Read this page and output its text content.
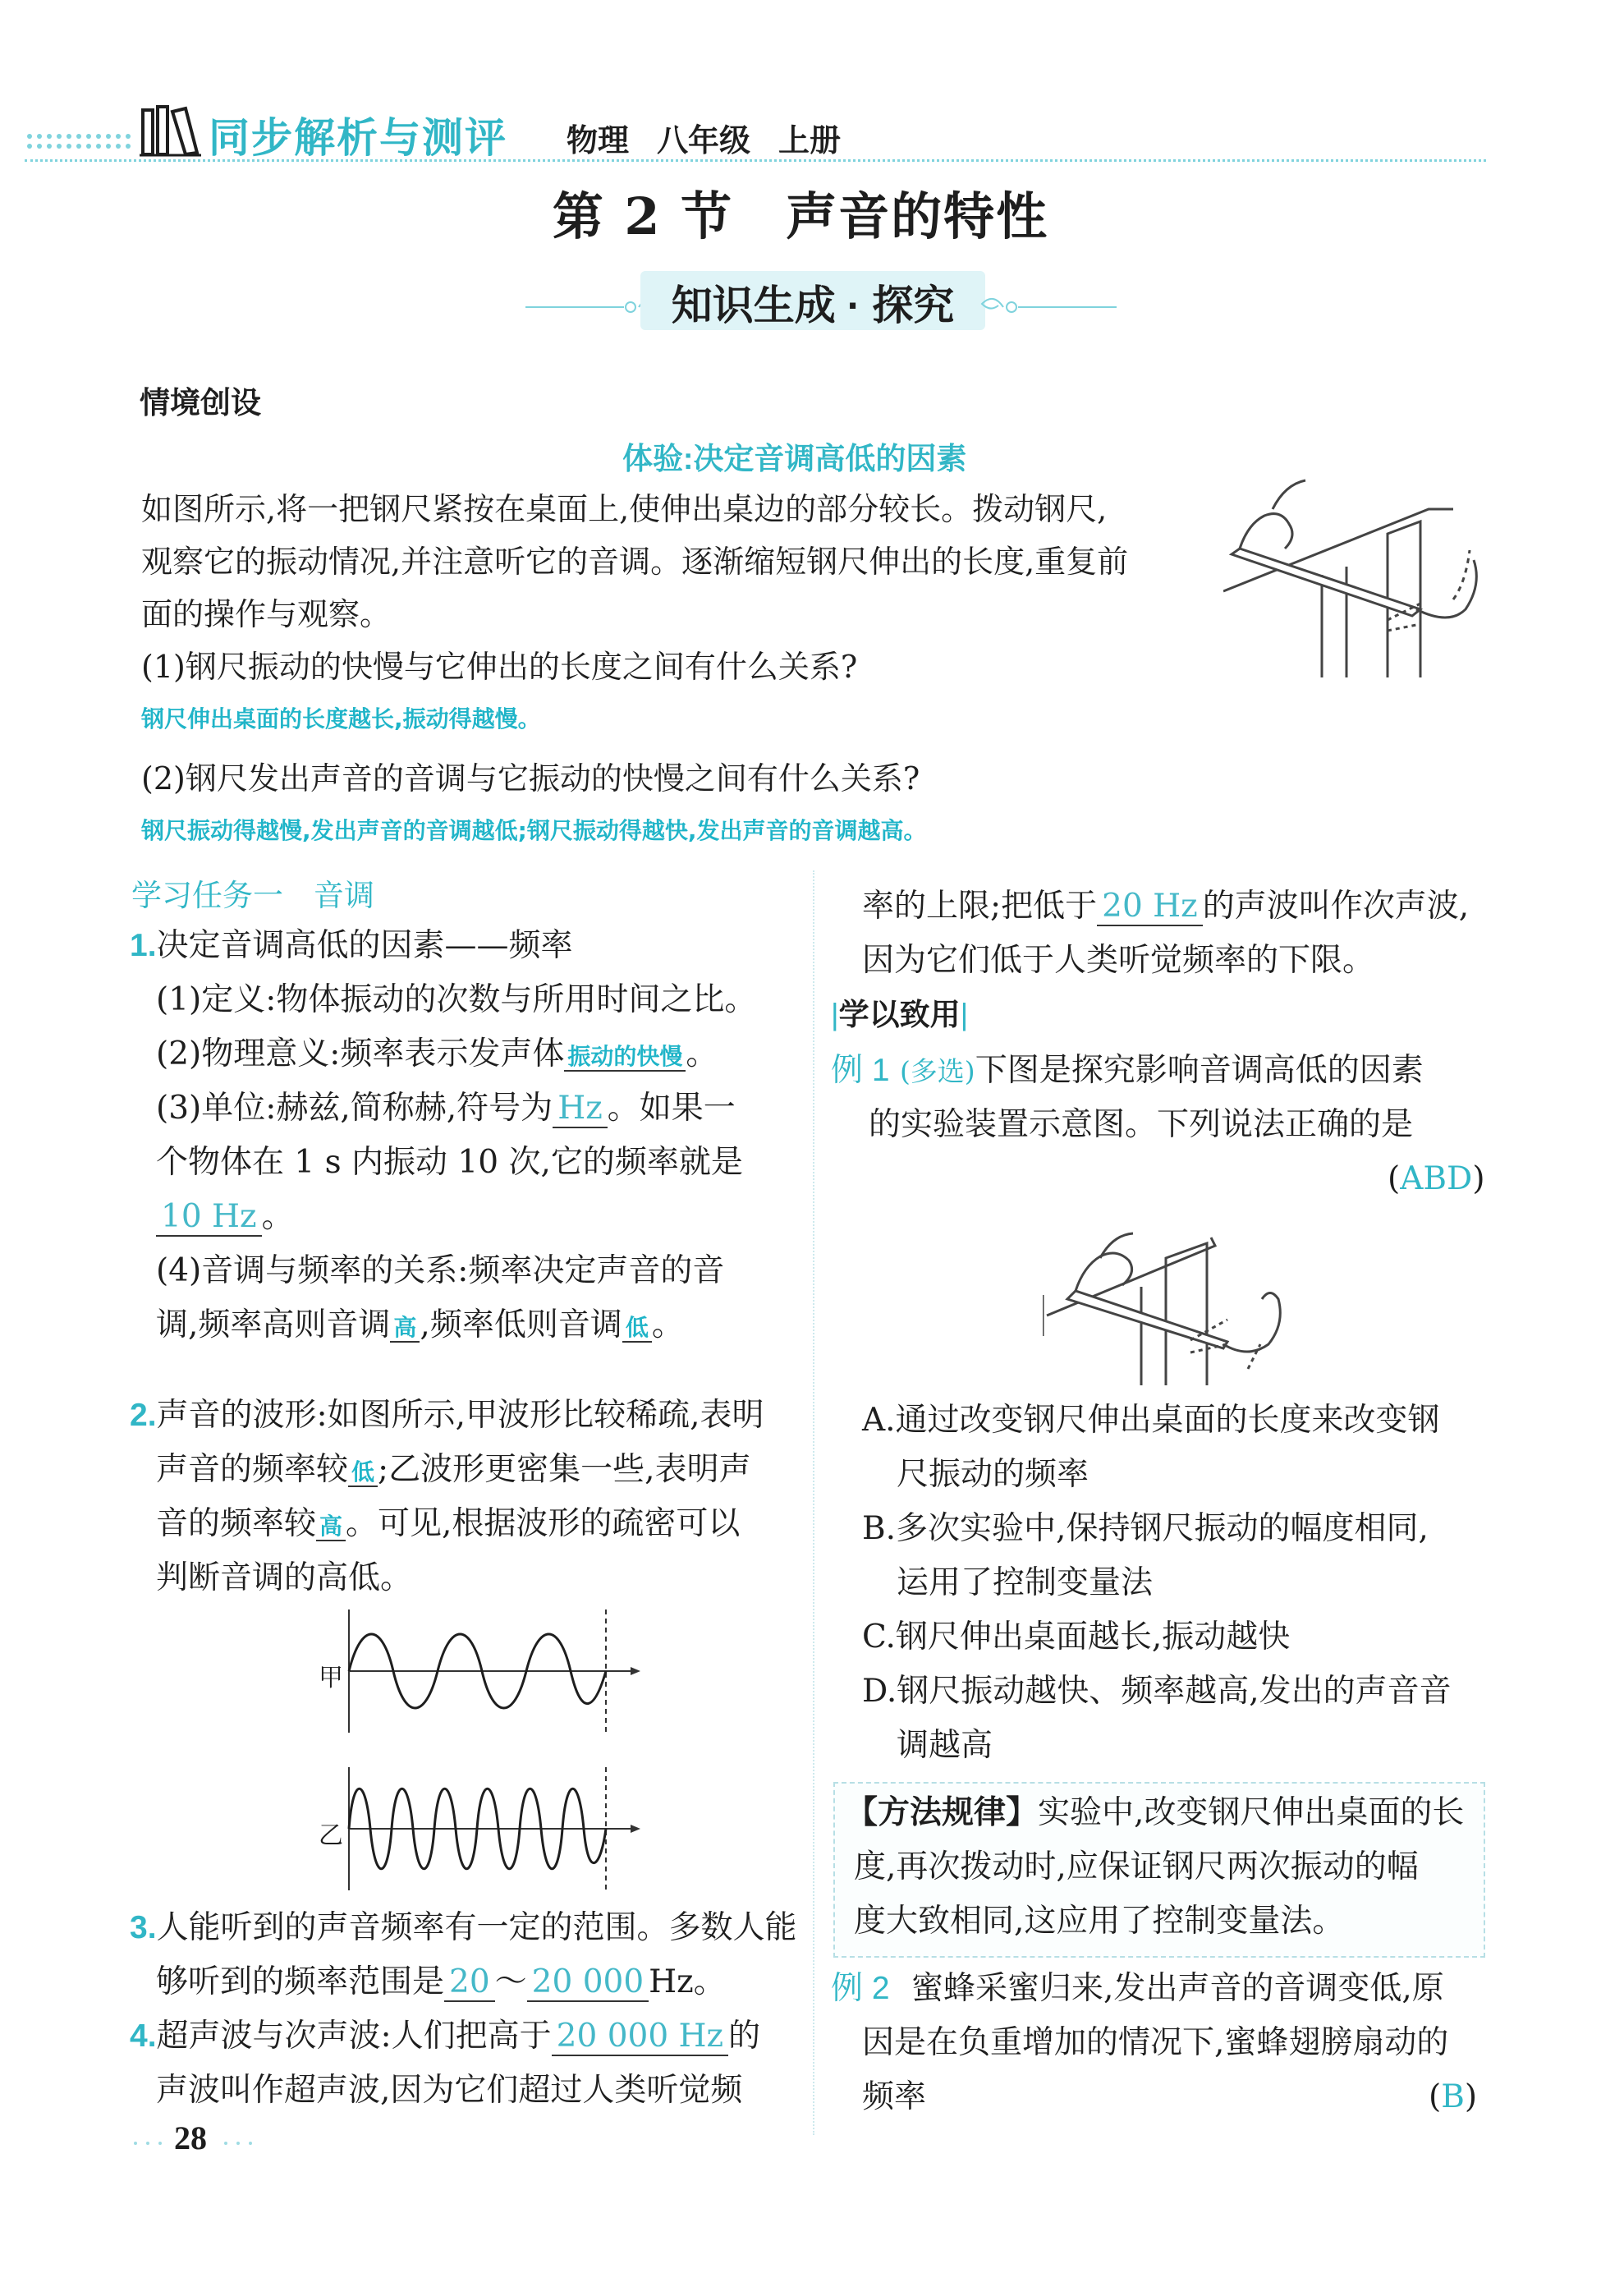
同步解析与测评 物理 八年级 上册
第 2 节　声音的特性
知识生成 · 探究
情境创设
体验:决定音调高低的因素
如图所示,将一把钢尺紧按在桌面上,使伸出桌边的部分较长。拨动钢尺,
观察它的振动情况,并注意听它的音调。逐渐缩短钢尺伸出的长度,重复前
面的操作与观察。
(1)钢尺振动的快慢与它伸出的长度之间有什么关系?
钢尺伸出桌面的长度越长,振动得越慢。
(2)钢尺发出声音的音调与它振动的快慢之间有什么关系?
钢尺振动得越慢,发出声音的音调越低;钢尺振动得越快,发出声音的音调越高。
学习任务一　音调
1.决定音调高低的因素——频率
(1)定义:物体振动的次数与所用时间之比。
(2)物理意义:频率表示发声体 振动的快慢 。
(3)单位:赫兹,简称赫,符号为 Hz 。如果一
个物体在 1 s 内振动 10 次,它的频率就是
10 Hz 。
(4)音调与频率的关系:频率决定声音的音
调,频率高则音调 高 ,频率低则音调 低 。
2.声音的波形:如图所示,甲波形比较稀疏,表明
声音的频率较 低 ;乙波形更密集一些,表明声
音的频率较 高 。可见,根据波形的疏密可以
判断音调的高低。
甲
乙
3.人能听到的声音频率有一定的范围。多数人能
够听到的频率范围是 20 ～ 20 000 Hz。
4.超声波与次声波:人们把高于 20 000 Hz 的
声波叫作超声波,因为它们超过人类听觉频
28
率的上限;把低于 20 Hz 的声波叫作次声波,
因为它们低于人类听觉频率的下限。
|学以致用|
例 1 (多选)下图是探究影响音调高低的因素
的实验装置示意图。下列说法正确的是
(ABD)
A.通过改变钢尺伸出桌面的长度来改变钢
尺振动的频率
B.多次实验中,保持钢尺振动的幅度相同,
运用了控制变量法
C.钢尺伸出桌面越长,振动越快
D.钢尺振动越快、频率越高,发出的声音音
调越高
【方法规律】实验中,改变钢尺伸出桌面的长
度,再次拨动时,应保证钢尺两次振动的幅
度大致相同,这应用了控制变量法。
例 2 蜜蜂采蜜归来,发出声音的音调变低,原
因是在负重增加的情况下,蜜蜂翅膀扇动的
频率	(B)
